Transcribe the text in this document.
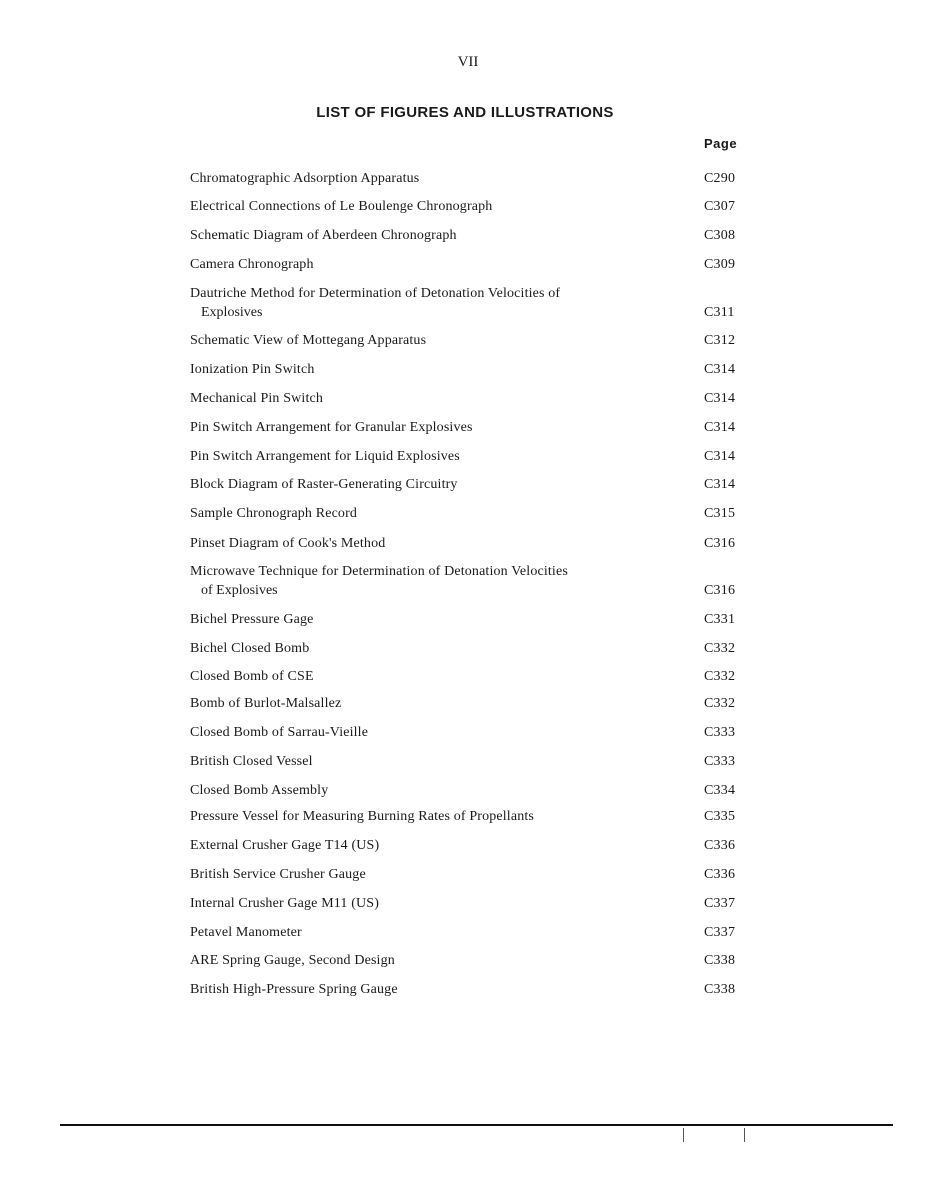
VII
LIST OF FIGURES AND ILLUSTRATIONS
Page
Chromatographic Adsorption Apparatus	C290
Electrical Connections of Le Boulenge Chronograph	C307
Schematic Diagram of Aberdeen Chronograph	C308
Camera Chronograph	C309
Dautriche Method for Determination of Detonation Velocities of
Explosives	C311
Schematic View of Mottegang Apparatus	C312
Ionization Pin Switch	C314
Mechanical Pin Switch	C314
Pin Switch Arrangement for Granular Explosives	C314
Pin Switch Arrangement for Liquid Explosives	C314
Block Diagram of Raster-Generating Circuitry	C314
Sample Chronograph Record	C315
Pinset Diagram of Cook's Method	C316
Microwave Technique for Determination of Detonation Velocities
of Explosives	C316
Bichel Pressure Gage	C331
Bichel Closed Bomb	C332
Closed Bomb of CSE	C332
Bomb of Burlot-Malsallez	C332
Closed Bomb of Sarrau-Vieille	C333
British Closed Vessel	C333
Closed Bomb Assembly	C334
Pressure Vessel for Measuring Burning Rates of Propellants	C335
External Crusher Gage T14 (US)	C336
British Service Crusher Gauge	C336
Internal Crusher Gage M11 (US)	C337
Petavel Manometer	C337
ARE Spring Gauge, Second Design	C338
British High-Pressure Spring Gauge	C338
